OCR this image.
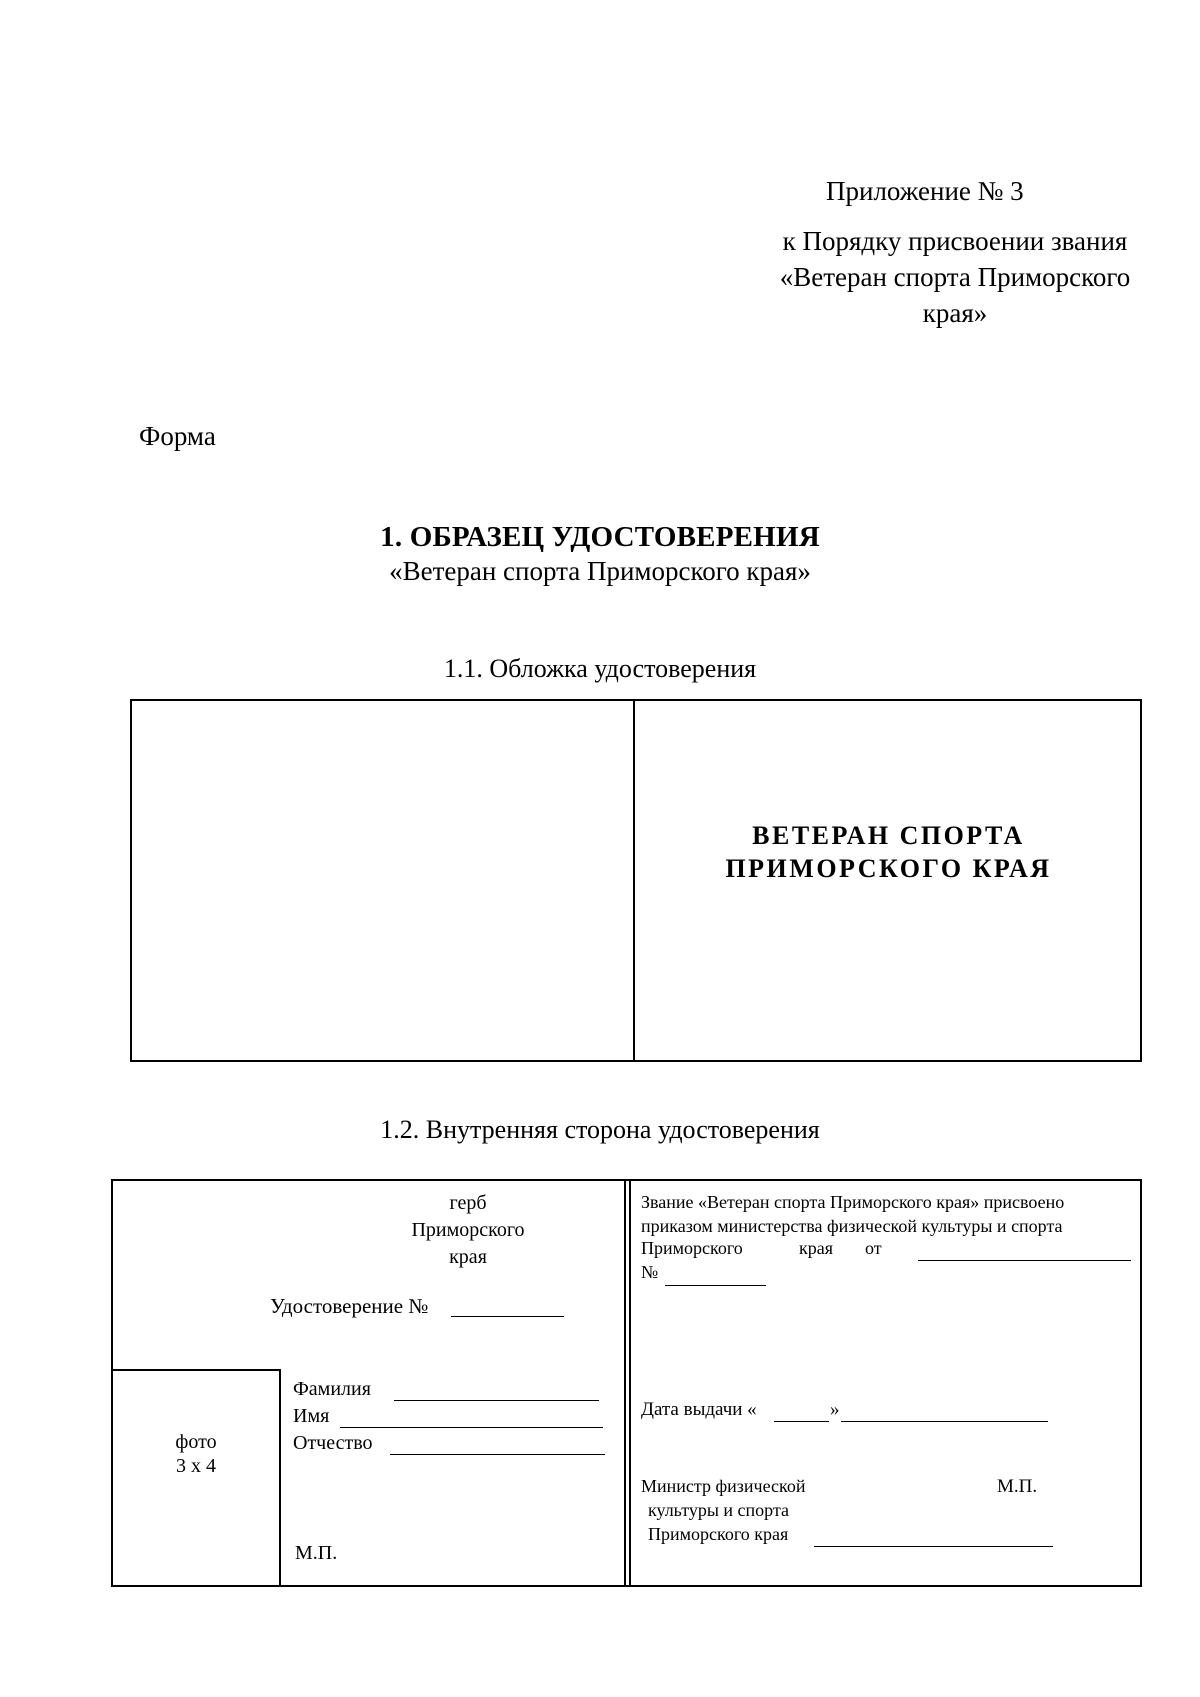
Приложение № 3
к Порядку присвоении звания
«Ветеран спорта Приморского
края»
Форма
1. ОБРАЗЕЦ УДОСТОВЕРЕНИЯ
«Ветеран спорта Приморского края»
1.1. Обложка удостоверения
ВЕТЕРАН СПОРТА
ПРИМОРСКОГО КРАЯ
1.2. Внутренняя сторона удостоверения
герб
Приморского
края
Удостоверение №
Фамилия
Имя
Отчество
фото
3 х 4
М.П.
Звание «Ветеран спорта Приморского края» присвоено
приказом министерства физической культуры и спорта
Приморского	края от
№
Дата выдачи «	»
Министр физической	М.П.
культуры и спорта
Приморского края
